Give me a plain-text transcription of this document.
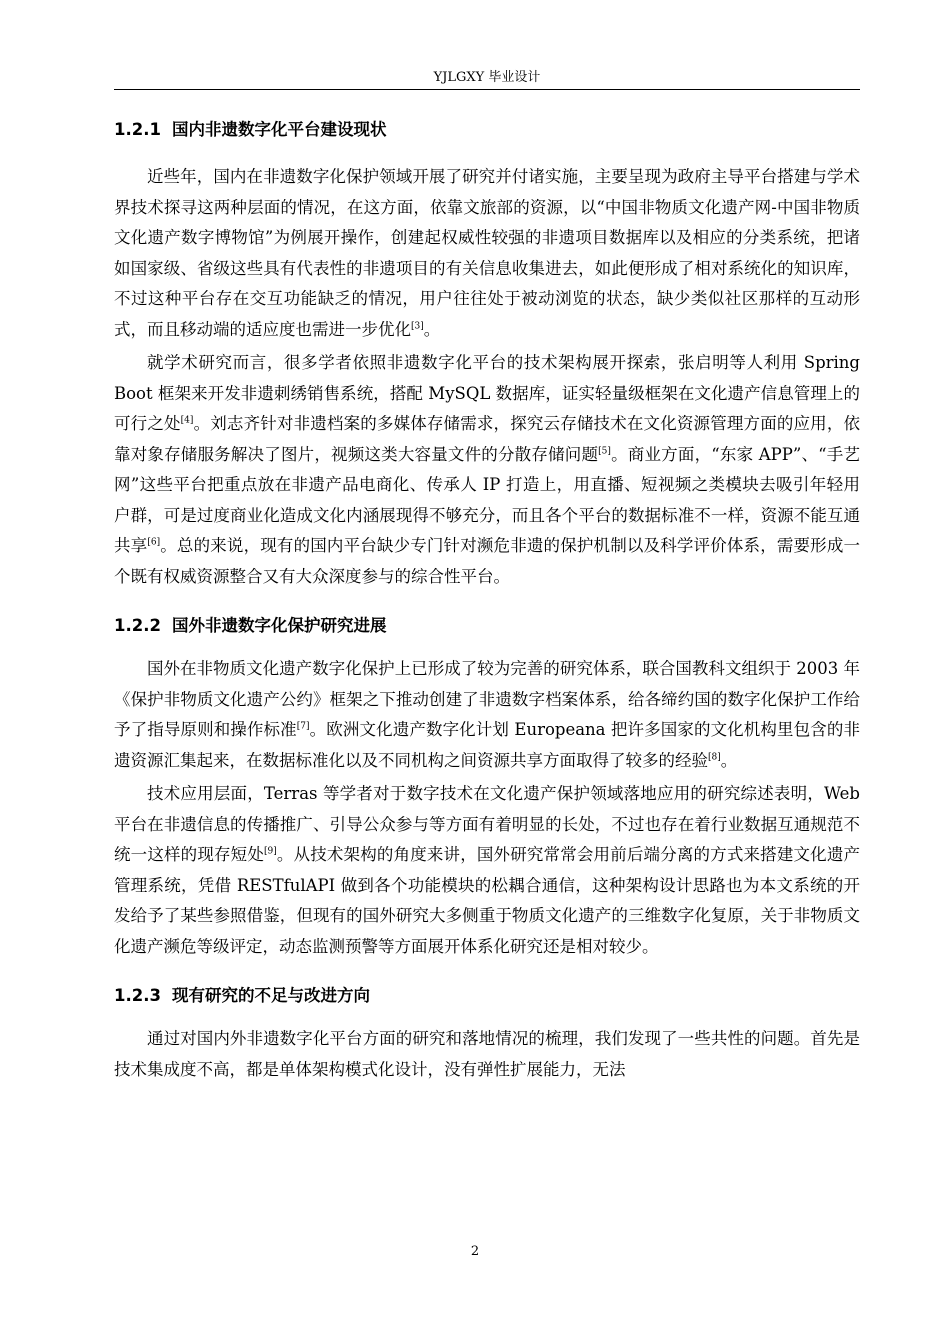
YJLGXY 毕业设计
1.2.1 国内非遗数字化平台建设现状

近些年，国内在非遗数字化保护领域开展了研究并付诸实施，主要呈现为政府主导平台搭建与学术界技术探寻这两种层面的情况，在这方面，依靠文旅部的资源，以“中国非物质文化遗产网-中国非物质文化遗产数字博物馆”为例展开操作，创建起权威性较强的非遗项目数据库以及相应的分类系统，把诸如国家级、省级这些具有代表性的非遗项目的有关信息收集进去，如此便形成了相对系统化的知识库，不过这种平台存在交互功能缺乏的情况，用户往往处于被动浏览的状态，缺少类似社区那样的互动形式，而且移动端的适应度也需进一步优化[3]。

就学术研究而言，很多学者依照非遗数字化平台的技术架构展开探索，张启明等人利用 Spring Boot 框架来开发非遗刺绣销售系统，搭配 MySQL 数据库，证实轻量级框架在文化遗产信息管理上的可行之处[4]。刘志齐针对非遗档案的多媒体存储需求，探究云存储技术在文化资源管理方面的应用，依靠对象存储服务解决了图片，视频这类大容量文件的分散存储问题[5]。商业方面，“东家 APP”、“手艺网”这些平台把重点放在非遗产品电商化、传承人 IP 打造上，用直播、短视频之类模块去吸引年轻用户群，可是过度商业化造成文化内涵展现得不够充分，而且各个平台的数据标准不一样，资源不能互通共享[6]。总的来说，现有的国内平台缺少专门针对濒危非遗的保护机制以及科学评价体系，需要形成一个既有权威资源整合又有大众深度参与的综合性平台。

1.2.2 国外非遗数字化保护研究进展

国外在非物质文化遗产数字化保护上已形成了较为完善的研究体系，联合国教科文组织于 2003 年《保护非物质文化遗产公约》框架之下推动创建了非遗数字档案体系，给各缔约国的数字化保护工作给予了指导原则和操作标准[7]。欧洲文化遗产数字化计划 Europeana 把许多国家的文化机构里包含的非遗资源汇集起来，在数据标准化以及不同机构之间资源共享方面取得了较多的经验[8]。

技术应用层面，Terras 等学者对于数字技术在文化遗产保护领域落地应用的研究综述表明，Web 平台在非遗信息的传播推广、引导公众参与等方面有着明显的长处，不过也存在着行业数据互通规范不统一这样的现存短处[9]。从技术架构的角度来讲，国外研究常常会用前后端分离的方式来搭建文化遗产管理系统，凭借 RESTfulAPI 做到各个功能模块的松耦合通信，这种架构设计思路也为本文系统的开发给予了某些参照借鉴，但现有的国外研究大多侧重于物质文化遗产的三维数字化复原，关于非物质文化遗产濒危等级评定，动态监测预警等方面展开体系化研究还是相对较少。

1.2.3 现有研究的不足与改进方向

通过对国内外非遗数字化平台方面的研究和落地情况的梳理，我们发现了一些共性的问题。首先是技术集成度不高，都是单体架构模式化设计，没有弹性扩展能力，无法

2
